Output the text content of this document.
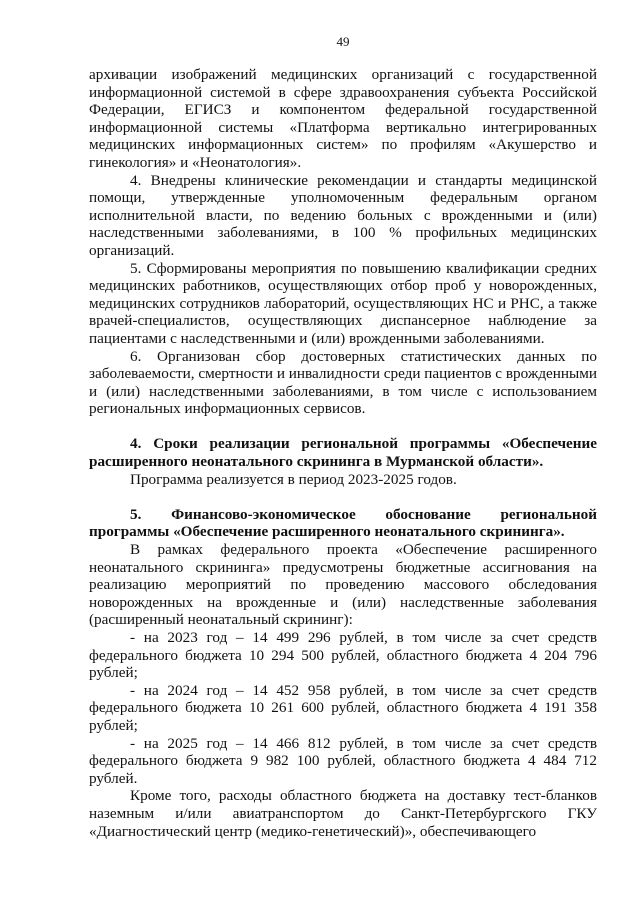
49

архивации изображений медицинских организаций с государственной информационной системой в сфере здравоохранения субъекта Российской Федерации, ЕГИСЗ и компонентом федеральной государственной информационной системы «Платформа вертикально интегрированных медицинских информационных систем» по профилям «Акушерство и гинекология» и «Неонатология».

4. Внедрены клинические рекомендации и стандарты медицинской помощи, утвержденные уполномоченным федеральным органом исполнительной власти, по ведению больных с врожденными и (или) наследственными заболеваниями, в 100 % профильных медицинских организаций.

5. Сформированы мероприятия по повышению квалификации средних медицинских работников, осуществляющих отбор проб у новорожденных, медицинских сотрудников лабораторий, осуществляющих НС и РНС, а также врачей-специалистов, осуществляющих диспансерное наблюдение за пациентами с наследственными и (или) врожденными заболеваниями.

6. Организован сбор достоверных статистических данных по заболеваемости, смертности и инвалидности среди пациентов с врожденными и (или) наследственными заболеваниями, в том числе с использованием региональных информационных сервисов.

4. Сроки реализации региональной программы «Обеспечение расширенного неонатального скрининга в Мурманской области».

Программа реализуется в период 2023-2025 годов.

5. Финансово-экономическое обоснование региональной программы «Обеспечение расширенного неонатального скрининга».

В рамках федерального проекта «Обеспечение расширенного неонатального скрининга» предусмотрены бюджетные ассигнования на реализацию мероприятий по проведению массового обследования новорожденных на врожденные и (или) наследственные заболевания (расширенный неонатальный скрининг):

- на 2023 год – 14 499 296 рублей, в том числе за счет средств федерального бюджета 10 294 500 рублей, областного бюджета 4 204 796 рублей;

- на 2024 год – 14 452 958 рублей, в том числе за счет средств федерального бюджета 10 261 600 рублей, областного бюджета 4 191 358 рублей;

- на 2025 год – 14 466 812 рублей, в том числе за счет средств федерального бюджета 9 982 100 рублей, областного бюджета 4 484 712 рублей.

Кроме того, расходы областного бюджета на доставку тест-бланков наземным и/или авиатранспортом до Санкт-Петербургского ГКУ «Диагностический центр (медико-генетический)», обеспечивающего
